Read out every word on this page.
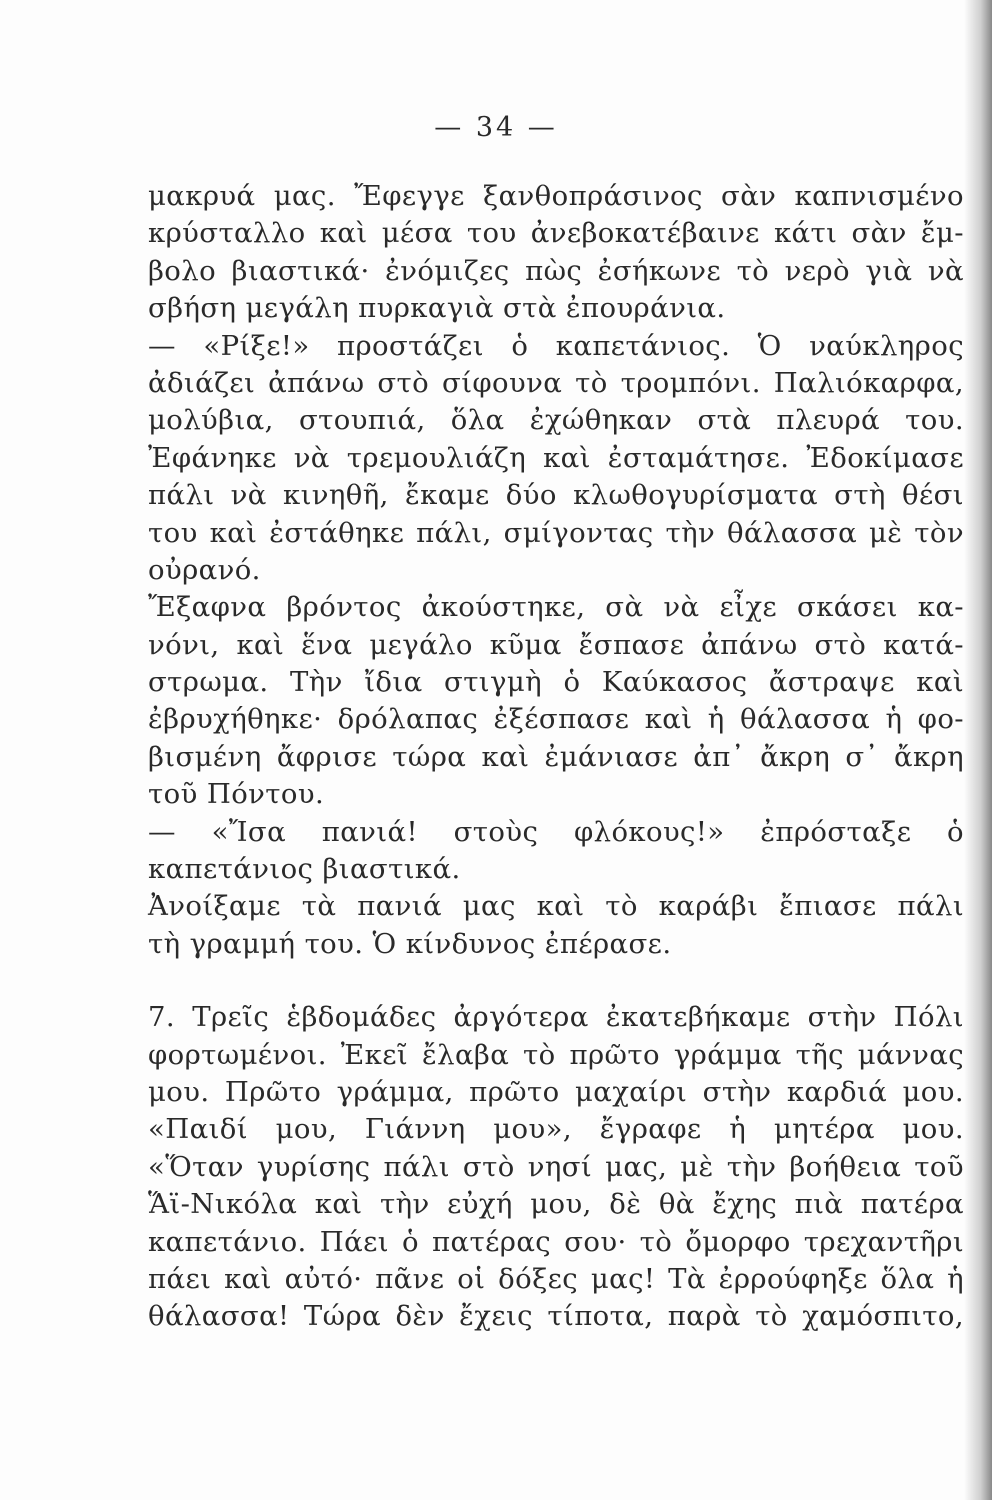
— 34 —
μακρυά μας. Ἔφεγγε ξανθοπράσινος σὰν καπνισμένο
κρύσταλλο καὶ μέσα του ἀνεβοκατέβαινε κάτι σὰν ἔμ-
βολο βιαστικά· ἐνόμιζες πὼς ἐσήκωνε τὸ νερὸ γιὰ νὰ
σβήση μεγάλη πυρκαγιὰ στὰ ἐπουράνια.
— «Ρίξε!» προστάζει ὁ καπετάνιος. Ὁ ναύκληρος
ἀδιάζει ἀπάνω στὸ σίφουνα τὸ τρομπόνι. Παλιόκαρφα,
μολύβια, στουπιά, ὅλα ἐχώθηκαν στὰ πλευρά του.
Ἐφάνηκε νὰ τρεμουλιάζη καὶ ἐσταμάτησε. Ἐδοκίμασε
πάλι νὰ κινηθῆ, ἔκαμε δύο κλωθογυρίσματα στὴ θέσι
του καὶ ἐστάθηκε πάλι, σμίγοντας τὴν θάλασσα μὲ τὸν
οὐρανό.
Ἔξαφνα βρόντος ἀκούστηκε, σὰ νὰ εἶχε σκάσει κα-
νόνι, καὶ ἕνα μεγάλο κῦμα ἔσπασε ἀπάνω στὸ κατά-
στρωμα. Τὴν ἴδια στιγμὴ ὁ Καύκασος ἄστραψε καὶ
ἐβρυχήθηκε· δρόλαπας ἐξέσπασε καὶ ἡ θάλασσα ἡ φο-
βισμένη ἄφρισε τώρα καὶ ἐμάνιασε ἀπ᾽ ἄκρη σ᾽ ἄκρη
τοῦ Πόντου.
— «Ἴσα πανιά! στοὺς φλόκους!» ἐπρόσταξε ὁ
καπετάνιος βιαστικά.
Ἀνοίξαμε τὰ πανιά μας καὶ τὸ καράβι ἔπιασε πάλι
τὴ γραμμή του. Ὁ κίνδυνος ἐπέρασε.
7. Τρεῖς ἑβδομάδες ἀργότερα ἐκατεβήκαμε στὴν Πόλι
φορτωμένοι. Ἐκεῖ ἔλαβα τὸ πρῶτο γράμμα τῆς μάννας
μου. Πρῶτο γράμμα, πρῶτο μαχαίρι στὴν καρδιά μου.
«Παιδί μου, Γιάννη μου», ἔγραφε ἡ μητέρα μου.
«Ὅταν γυρίσης πάλι στὸ νησί μας, μὲ τὴν βοήθεια τοῦ
Ἅϊ-Νικόλα καὶ τὴν εὐχή μου, δὲ θὰ ἔχης πιὰ πατέρα
καπετάνιο. Πάει ὁ πατέρας σου· τὸ ὄμορφο τρεχαντῆρι
πάει καὶ αὐτό· πᾶνε οἱ δόξες μας! Τὰ ἐρρούφηξε ὅλα ἡ
θάλασσα! Τώρα δὲν ἔχεις τίποτα, παρὰ τὸ χαμόσπιτο,
